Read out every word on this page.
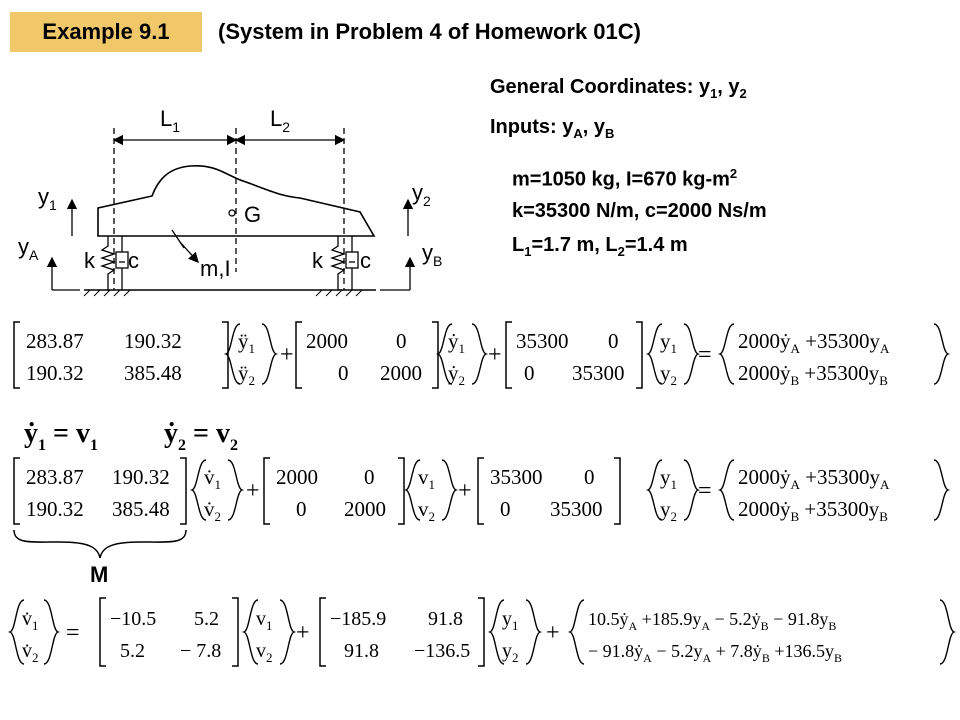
Example 9.1	(System in Problem 4 of Homework 01C)
General Coordinates: $y_1$, $y_2$
Inputs: $y_A$, $y_B$
m=1050 kg, I=670 $kg-m^2$
k=35300 N/m, c=2000 Ns/m
$L_1=1.7$ m, $L_2=1.4$ m
$L_1$	$L_2$
$y_1$	$y_2$
$y_A$	$y_B$
k c	k c
G
m,I
283.87 190.32
190.32 385.48
$ÿ_1$
$ÿ_2$
+
2000 0
0 2000
ẏ$_1$
ẏ$_2$
+
35300 0
0 35300
$y_1$
$y_2$
=
2000ẏ$_A$ $+35300y_A$
2000ẏ$_B$ $+35300y_B$
ẏ$_1$ = $v_1$ ẏ$_2$ = $v_2$
283.87 190.32
190.32 385.48
$v̇_1$
$v̇_2$
+
2000 0
0 2000
$v_1$
$v_2$
+
35300 0
0 35300
$y_1$
$y_2$
=
2000ẏ$_A$ $+35300y_A$
2000ẏ$_B$ $+35300y_B$
M
$v̇_1$
$v̇_2$
=
−10.5 5.2
5.2 − 7.8
$v_1$
$v_2$
+
−185.9 91.8
91.8 −136.5
$y_1$
$y_2$
+
10.5ẏ$_A$ $+185.9y_A$ − 5.2ẏ$_B$ − $91.8y_B$
− 91.8ẏ$_A$ − $5.2y_A$ + 7.8ẏ$_B$ $+136.5y_B$
